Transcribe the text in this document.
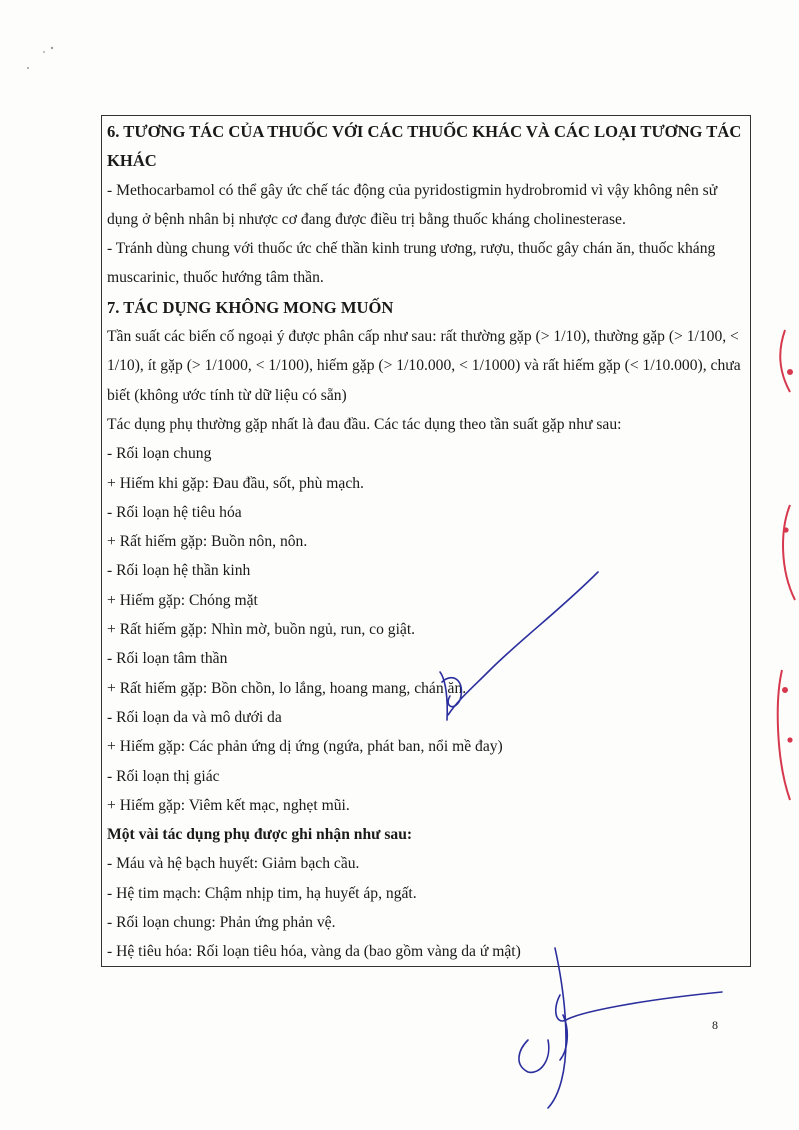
6. TƯƠNG TÁC CỦA THUỐC VỚI CÁC THUỐC KHÁC VÀ CÁC LOẠI TƯƠNG TÁC KHÁC

- Methocarbamol có thể gây ức chế tác động của pyridostigmin hydrobromid vì vậy không nên sử dụng ở bệnh nhân bị nhược cơ đang được điều trị bằng thuốc kháng cholinesterase.

- Tránh dùng chung với thuốc ức chế thần kinh trung ương, rượu, thuốc gây chán ăn, thuốc kháng muscarinic, thuốc hướng tâm thần.

7. TÁC DỤNG KHÔNG MONG MUỐN

Tần suất các biến cố ngoại ý được phân cấp như sau: rất thường gặp (> 1/10), thường gặp (> 1/100, < 1/10), ít gặp (> 1/1000, < 1/100), hiếm gặp (> 1/10.000, < 1/1000) và rất hiếm gặp (< 1/10.000), chưa biết (không ước tính từ dữ liệu có sẵn)

Tác dụng phụ thường gặp nhất là đau đầu. Các tác dụng theo tần suất gặp như sau:

- Rối loạn chung

+ Hiếm khi gặp: Đau đầu, sốt, phù mạch.

- Rối loạn hệ tiêu hóa

+ Rất hiếm gặp: Buồn nôn, nôn.

- Rối loạn hệ thần kinh

+ Hiếm gặp: Chóng mặt

+ Rất hiếm gặp: Nhìn mờ, buồn ngủ, run, co giật.

- Rối loạn tâm thần

+ Rất hiếm gặp: Bồn chồn, lo lắng, hoang mang, chán ăn.

- Rối loạn da và mô dưới da

+ Hiếm gặp: Các phản ứng dị ứng (ngứa, phát ban, nổi mề đay)

- Rối loạn thị giác

+ Hiếm gặp: Viêm kết mạc, nghẹt mũi.

Một vài tác dụng phụ được ghi nhận như sau:

- Máu và hệ bạch huyết: Giảm bạch cầu.

- Hệ tim mạch: Chậm nhịp tim, hạ huyết áp, ngất.

- Rối loạn chung: Phản ứng phản vệ.

- Hệ tiêu hóa: Rối loạn tiêu hóa, vàng da (bao gồm vàng da ứ mật)

8
